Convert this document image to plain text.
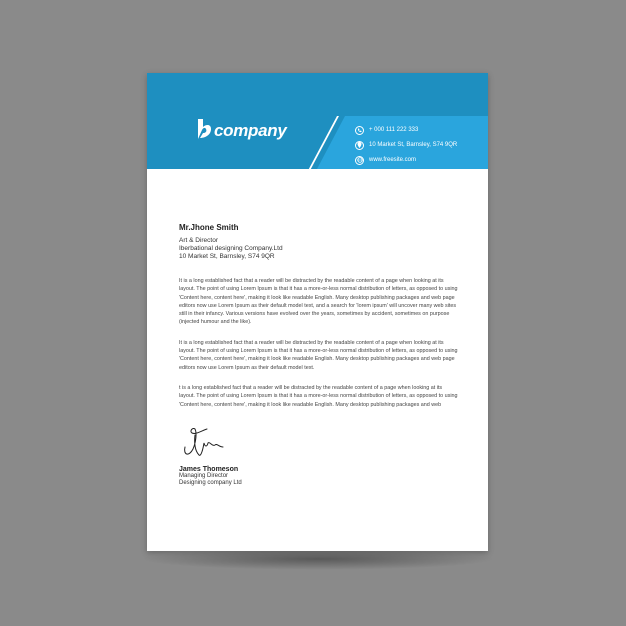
company	+ 000 111 222 333
10 Market St, Barnsley, S74 9QR
www.freesite.com
Mr.Jhone Smith
Art & Director
Iberbational designing Company.Ltd
10 Market St, Barnsley, S74 9QR
It is a long established fact that a reader will be distracted by the readable content of a page when looking at its layout. The point of using Lorem Ipsum is that it has a more-or-less normal distribution of letters, as opposed to using 'Content here, content here', making it look like readable English. Many desktop publishing packages and web page editors now use Lorem Ipsum as their default model text, and a search for 'lorem ipsum' will uncover many web sites still in their infancy. Various versions have evolved over the years, sometimes by accident, sometimes on purpose (injected humour and the like).
It is a long established fact that a reader will be distracted by the readable content of a page when looking at its layout. The point of using Lorem Ipsum is that it has a more-or-less normal distribution of letters, as opposed to using 'Content here, content here', making it look like readable English. Many desktop publishing packages and web page editors now use Lorem Ipsum as their default model text.
t is a long established fact that a reader will be distracted by the readable content of a page when looking at its layout. The point of using Lorem Ipsum is that it has a more-or-less normal distribution of letters, as opposed to using 'Content here, content here', making it look like readable English. Many desktop publishing packages and web
James Thomeson
Managing Director
Designing company Ltd
